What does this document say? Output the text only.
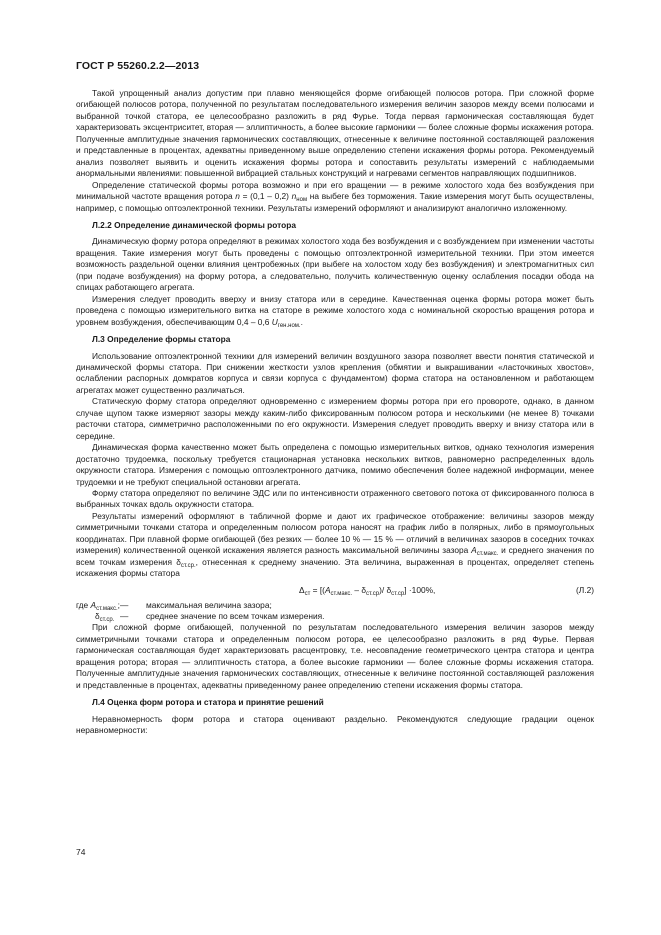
ГОСТ Р 55260.2.2—2013

Такой упрощенный анализ допустим при плавно меняющейся форме огибающей полюсов ротора. При сложной форме огибающей полюсов ротора, полученной по результатам последовательного измерения величин зазоров между всеми полюсами и выбранной точкой статора, ее целесообразно разложить в ряд Фурье. Тогда первая гармоническая составляющая будет характеризовать эксцентриситет, вторая — эллиптичность, а более высокие гармоники — более сложные формы искажения ротора. Полученные амплитудные значения гармонических составляющих, отнесенные к величине постоянной составляющей разложения и представленные в процентах, адекватны приведенному выше определению степени искажения формы ротора. Рекомендуемый анализ позволяет выявить и оценить искажения формы ротора и сопоставить результаты измерений с наблюдаемыми анормальными явлениями: повышенной вибрацией стальных конструкций и нагревами сегментов направляющих подшипников.

Определение статической формы ротора возможно и при его вращении — в режиме холостого хода без возбуждения при минимальной частоте вращения ротора n = (0,1 – 0,2) $n_{ном}$ на выбеге без торможения. Такие измерения могут быть осуществлены, например, с помощью оптоэлектронной техники. Результаты измерений оформляют и анализируют аналогично изложенному.

Л.2.2 Определение динамической формы ротора

Динамическую форму ротора определяют в режимах холостого хода без возбуждения и с возбуждением при изменении частоты вращения. Такие измерения могут быть проведены с помощью оптоэлектронной измерительной техники. При этом имеется возможность раздельной оценки влияния центробежных (при выбеге на холостом ходу без возбуждения) и электромагнитных сил (при подаче возбуждения) на форму ротора, а следовательно, получить количественную оценку ослабления посадки обода на спицах работающего агрегата.

Измерения следует проводить вверху и внизу статора или в середине. Качественная оценка формы ротора может быть проведена с помощью измерительного витка на статоре в режиме холостого хода с номинальной скоростью вращения ротора и уровнем возбуждения, обеспечивающим 0,4 – 0,6 $U_{ген.ном.}$.

Л.3 Определение формы статора

Использование оптоэлектронной техники для измерений величин воздушного зазора позволяет ввести понятия статической и динамической формы статора. При снижении жесткости узлов крепления (обмятии и выкрашивании «ласточкиных хвостов», ослаблении распорных домкратов корпуса и связи корпуса с фундаментом) форма статора на остановленном и работающем агрегатах может существенно различаться.

Статическую форму статора определяют одновременно с измерением формы ротора при его провороте, однако, в данном случае щупом также измеряют зазоры между каким-либо фиксированным полюсом ротора и несколькими (не менее 8) точками расточки статора, симметрично расположенными по его окружности. Измерения следует проводить вверху и внизу статора или в середине.

Динамическая форма качественно может быть определена с помощью измерительных витков, однако технология измерения достаточно трудоемка, поскольку требуется стационарная установка нескольких витков, равномерно распределенных вдоль окружности статора. Измерения с помощью оптоэлектронного датчика, помимо обеспечения более надежной информации, менее трудоемки и не требуют специальной остановки агрегата.

Форму статора определяют по величине ЭДС или по интенсивности отраженного светового потока от фиксированного полюса в выбранных точках вдоль окружности статора.

Результаты измерений оформляют в табличной форме и дают их графическое отображение: величины зазоров между симметричными точками статора и определенным полюсом ротора наносят на график либо в полярных, либо в прямоугольных координатах. При плавной форме огибающей (без резких — более 10 % — 15 % — отличий в величинах зазоров в соседних точках измерения) количественной оценкой искажения является разность максимальной величины зазора $A_{ст.макс.}$ и среднего значения по всем точкам измерения $\delta_{ст.ср.}$, отнесенная к среднему значению. Эта величина, выраженная в процентах, определяет степень искажения формы статора

$\Delta_{ст} = [(A_{ст.макс.} - \delta_{ст.ср})/$ $\delta_{ст.ср}] \cdot 100\%$,	(Л.2)
где $A_{ст.макс.}$; — максимальная величина зазора;
$\delta_{ст.ср.}$ — среднее значение по всем точкам измерения.

При сложной форме огибающей, полученной по результатам последовательного измерения величин зазоров между симметричными точками статора и определенным полюсом ротора, ее целесообразно разложить в ряд Фурье. Первая гармоническая составляющая будет характеризовать расцентровку, т.е. несовпадение геометрического центра статора и центра вращения ротора; вторая — эллиптичность статора, а более высокие гармоники — более сложные формы искажения статора. Полученные амплитудные значения гармонических составляющих, отнесенные к величине постоянной составляющей разложения и представленные в процентах, адекватны приведенному ранее определению степени искажения формы статора.

Л.4 Оценка форм ротора и статора и принятие решений

Неравномерность форм ротора и статора оценивают раздельно. Рекомендуются следующие градации оценок неравномерности:

74
